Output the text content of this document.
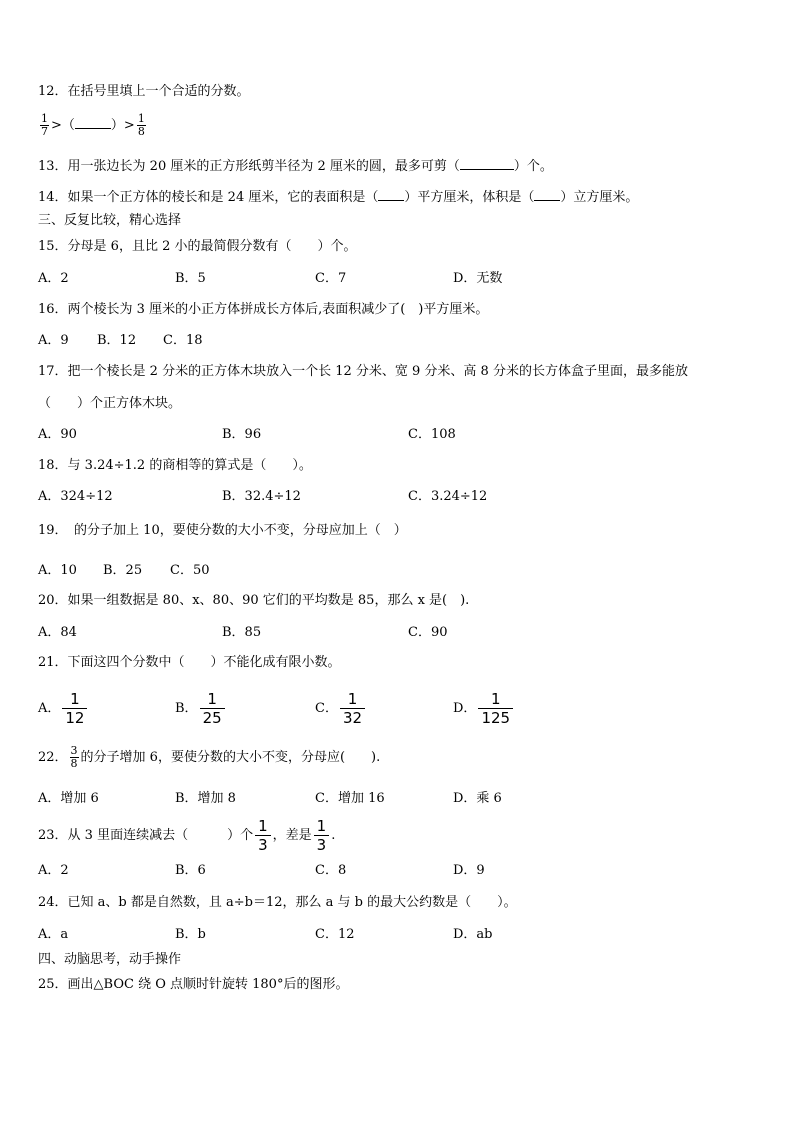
12．在括号里填上一个合适的分数。
$\frac{1}{7}$ >（	）> $\frac{1}{8}$
13．用一张边长为 20 厘米的正方形纸剪半径为 2 厘米的圆，最多可剪（	）个。
14．如果一个正方体的棱长和是 24 厘米，它的表面积是（ ）平方厘米，体积是（ ）立方厘米。
三、反复比较，精心选择
15．分母是 6，且比 2 小的最简假分数有（　　）个。
A．2	B．5	C．7	D．无数
16．两个棱长为 3 厘米的小正方体拼成长方体后,表面积减少了(　)平方厘米。
A．9 B．12 C．18
17．把一个棱长是 2 分米的正方体木块放入一个长 12 分米、宽 9 分米、高 8 分米的长方体盒子里面，最多能放
（　　）个正方体木块。
A．90	B．96	C．108
18．与 3.24÷1.2 的商相等的算式是（　　）。
A．324÷12	B．32.4÷12	C．3.24÷12
19．　的分子加上 10，要使分数的大小不变，分母应加上（　）
A．10 B．25 C．50
20．如果一组数据是 80、x、80、90 它们的平均数是 85，那么 x 是(　).
A．84	B．85	C．90
21．下面这四个分数中（　　）不能化成有限小数。
A． $\frac{1}{12}$	B． $\frac{1}{25}$	C． $\frac{1}{32}$	D． $\frac{1}{125}$
22． $\frac{3}{8}$ 的分子增加 6，要使分数的大小不变，分母应(　　).
A．增加 6	B．增加 8	C．增加 16	D．乘 6
23．从 3 里面连续减去（　　　）个 $\frac{1}{3}$ ，差是 $\frac{1}{3}$ .
A．2	B．6	C．8	D．9
24．已知 a、b 都是自然数，且 a÷b＝12，那么 a 与 b 的最大公约数是（　　）。
A．a	B．b	C．12	D．ab
四、动脑思考，动手操作
25．画出△BOC 绕 O 点顺时针旋转 180°后的图形。
